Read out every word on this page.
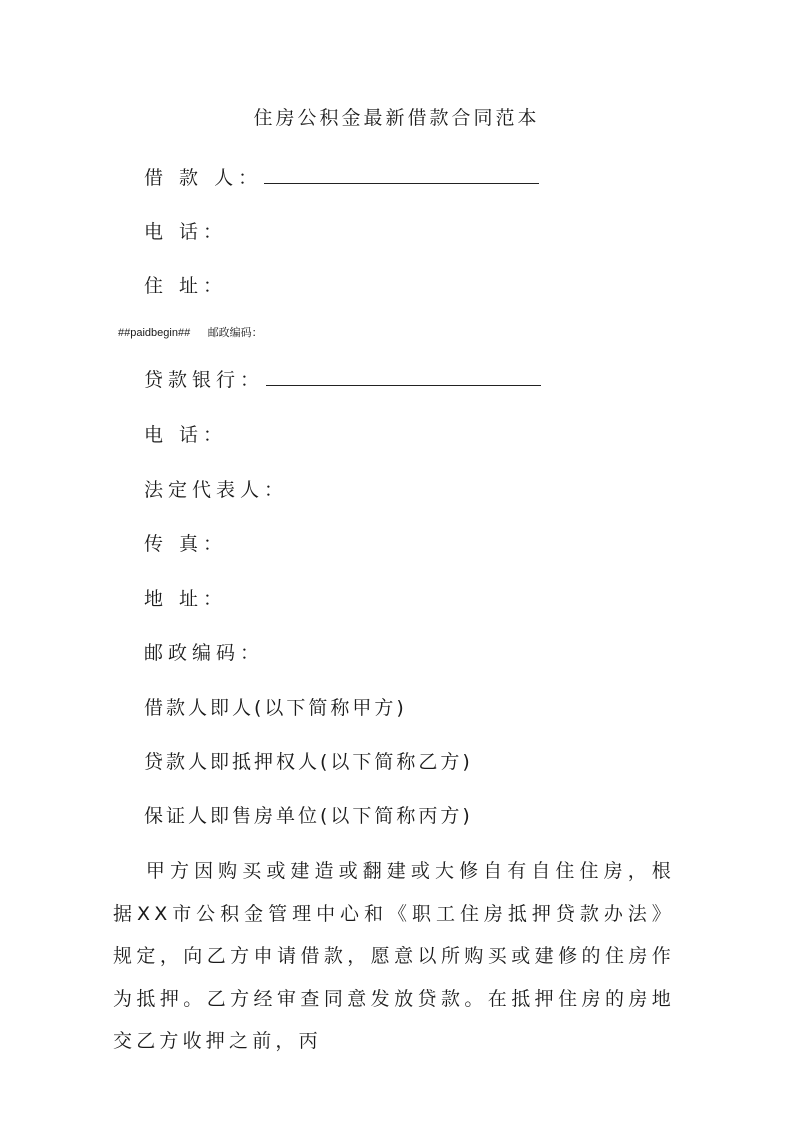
住房公积金最新借款合同范本
借 款 人：
电 话：
住 址：
##paidbegin## 邮政编码：
贷款银行：
电 话：
法定代表人：
传 真：
地 址：
邮政编码：
借款人即人(以下简称甲方)
贷款人即抵押权人(以下简称乙方)
保证人即售房单位(以下简称丙方)
甲方因购买或建造或翻建或大修自有自住住房，根据XX市公积金管理中心和《职工住房抵押贷款办法》规定，向乙方申请借款，愿意以所购买或建修的住房作为抵押。乙方经审查同意发放贷款。在抵押住房的房地交乙方收押之前，丙
